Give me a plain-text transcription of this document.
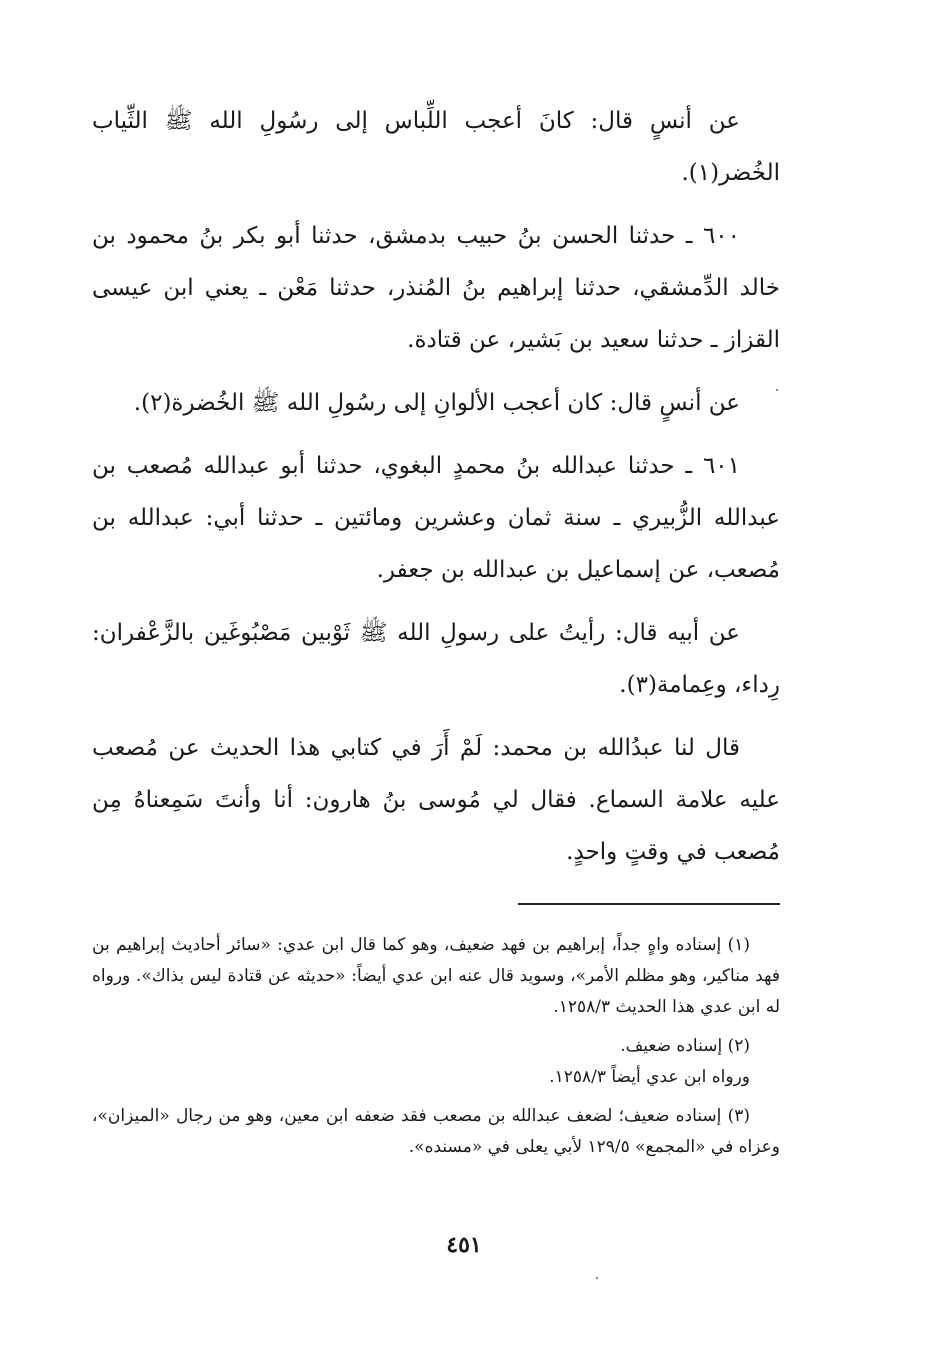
عن أنسٍ قال: كانَ أعجب اللِّباس إلى رسُولِ الله ﷺ الثِّياب الخُضر(١).

٦٠٠ ـ حدثنا الحسن بنُ حبيب بدمشق، حدثنا أبو بكر بنُ محمود بن خالد الدِّمشقي، حدثنا إبراهيم بنُ المُنذر، حدثنا مَعْن ـ يعني ابن عيسى القزاز ـ حدثنا سعيد بن بَشير، عن قتادة.

عن أنسٍ قال: كان أعجب الألوانِ إلى رسُولِ الله ﷺ الخُضرة(٢).

٦٠١ ـ حدثنا عبدالله بنُ محمدٍ البغوي، حدثنا أبو عبدالله مُصعب بن عبدالله الزُّبيري ـ سنة ثمان وعشرين ومائتين ـ حدثنا أبي: عبدالله بن مُصعب، عن إسماعيل بن عبدالله بن جعفر.

عن أبيه قال: رأيتُ على رسولِ الله ﷺ ثَوْبين مَصْبُوغَين بالزَّعْفران: رِداء، وعِمامة(٣).

قال لنا عبدُالله بن محمد: لَمْ أَرَ في كتابي هذا الحديث عن مُصعب عليه علامة السماع. فقال لي مُوسى بنُ هارون: أنا وأنتَ سَمِعناهُ مِن مُصعب في وقتٍ واحدٍ.

(١) إسناده واهٍ جداً، إبراهيم بن فهد ضعيف، وهو كما قال ابن عدي: «سائر أحاديث إبراهيم بن فهد مناكير، وهو مظلم الأمر»، وسويد قال عنه ابن عدي أيضاً: «حديثه عن قتادة ليس بذاك». ورواه له ابن عدي هذا الحديث ١٢٥٨/٣.

(٢) إسناده ضعيف.

ورواه ابن عدي أيضاً ١٢٥٨/٣.

(٣) إسناده ضعيف؛ لضعف عبدالله بن مصعب فقد ضعفه ابن معين، وهو من رجال «الميزان»، وعزاه في «المجمع» ١٢٩/٥ لأبي يعلى في «مسنده».

٤٥١
